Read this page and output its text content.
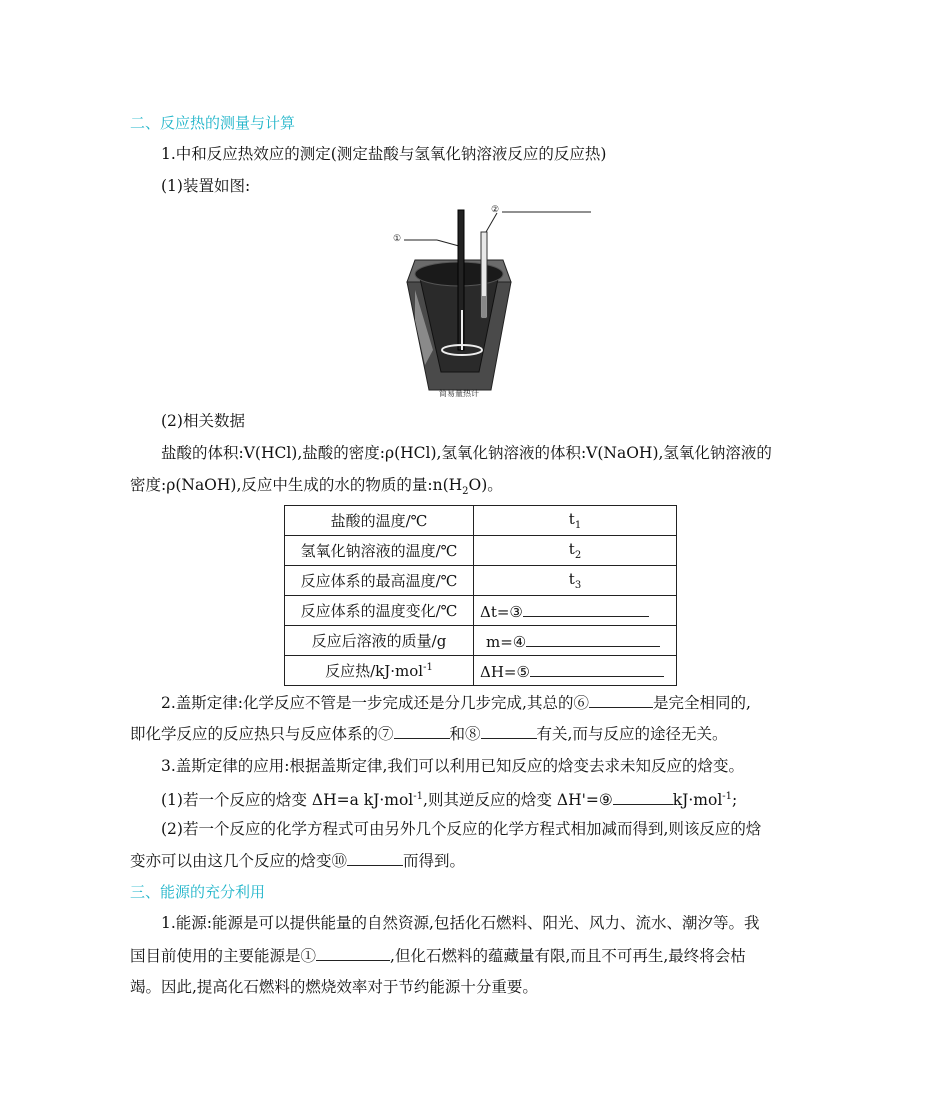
二、反应热的测量与计算
1.中和反应热效应的测定(测定盐酸与氢氧化钠溶液反应的反应热)
(1)装置如图:
①
②
简易量热计
(2)相关数据
盐酸的体积:V(HCl),盐酸的密度:ρ(HCl),氢氧化钠溶液的体积:V(NaOH),氢氧化钠溶液的
密度:ρ(NaOH),反应中生成的水的物质的量$:n(H_2O)$。
盐酸的温度/℃	$t_1$
氢氧化钠溶液的温度/℃	$t_2$
反应体系的最高温度/℃	$t_3$
反应体系的温度变化/℃	Δt=③
反应后溶液的质量/g	m=④
反应热/kJ·mol$^{-1}$	ΔH=⑤
2.盖斯定律:化学反应不管是一步完成还是分几步完成,其总的⑥	是完全相同的,
即化学反应的反应热只与反应体系的⑦	和⑧	有关,而与反应的途径无关。
3.盖斯定律的应用:根据盖斯定律,我们可以利用已知反应的焓变去求未知反应的焓变。
(1)若一个反应的焓变 ΔH=a kJ·mol$^{-1}$,则其逆反应的焓变 ΔH'=⑨	kJ·mol$^{-1}$;
(2)若一个反应的化学方程式可由另外几个反应的化学方程式相加减而得到,则该反应的焓
变亦可以由这几个反应的焓变⑩	而得到。
三、能源的充分利用
1.能源:能源是可以提供能量的自然资源,包括化石燃料、阳光、风力、流水、潮汐等。我
国目前使用的主要能源是①	,但化石燃料的蕴藏量有限,而且不可再生,最终将会枯
竭。因此,提高化石燃料的燃烧效率对于节约能源十分重要。
